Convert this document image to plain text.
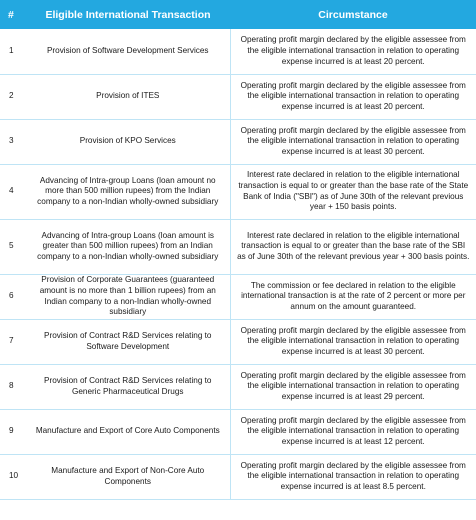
#	Eligible International Transaction	Circumstance
1	Provision of Software Development Services	Operating profit margin declared by the eligible assessee from the eligible international transaction in relation to operating expense incurred is at least 20 percent.
2	Provision of ITES	Operating profit margin declared by the eligible assessee from the eligible international transaction in relation to operating expense incurred is at least 20 percent.
3	Provision of KPO Services	Operating profit margin declared by the eligible assessee from the eligible international transaction in relation to operating expense incurred is at least 30 percent.
4	Advancing of Intra-group Loans (loan amount no more than 500 million rupees) from the Indian company to a non-Indian wholly-owned subsidiary	Interest rate declared in relation to the eligible international transaction is equal to or greater than the base rate of the State Bank of India ("SBI") as of June 30th of the relevant previous year + 150 basis points.
5	Advancing of Intra-group Loans (loan amount is greater than 500 million rupees) from an Indian company to a non-Indian wholly-owned subsidiary	Interest rate declared in relation to the eligible international transaction is equal to or greater than the base rate of the SBI as of June 30th of the relevant previous year + 300 basis points.
6	Provision of Corporate Guarantees (guaranteed amount is no more than 1 billion rupees) from an Indian company to a non-Indian wholly-owned subsidiary	The commission or fee declared in relation to the eligible international transaction is at the rate of 2 percent or more per annum on the amount guaranteed.
7	Provision of Contract R&D Services relating to Software Development	Operating profit margin declared by the eligible assessee from the eligible international transaction in relation to operating expense incurred is at least 30 percent.
8	Provision of Contract R&D Services relating to Generic Pharmaceutical Drugs	Operating profit margin declared by the eligible assessee from the eligible international transaction in relation to operating expense incurred is at least 29 percent.
9	Manufacture and Export of Core Auto Components	Operating profit margin declared by the eligible assessee from the eligible international transaction in relation to operating expense incurred is at least 12 percent.
10	Manufacture and Export of Non-Core Auto Components	Operating profit margin declared by the eligible assessee from the eligible international transaction in relation to operating expense incurred is at least 8.5 percent.
